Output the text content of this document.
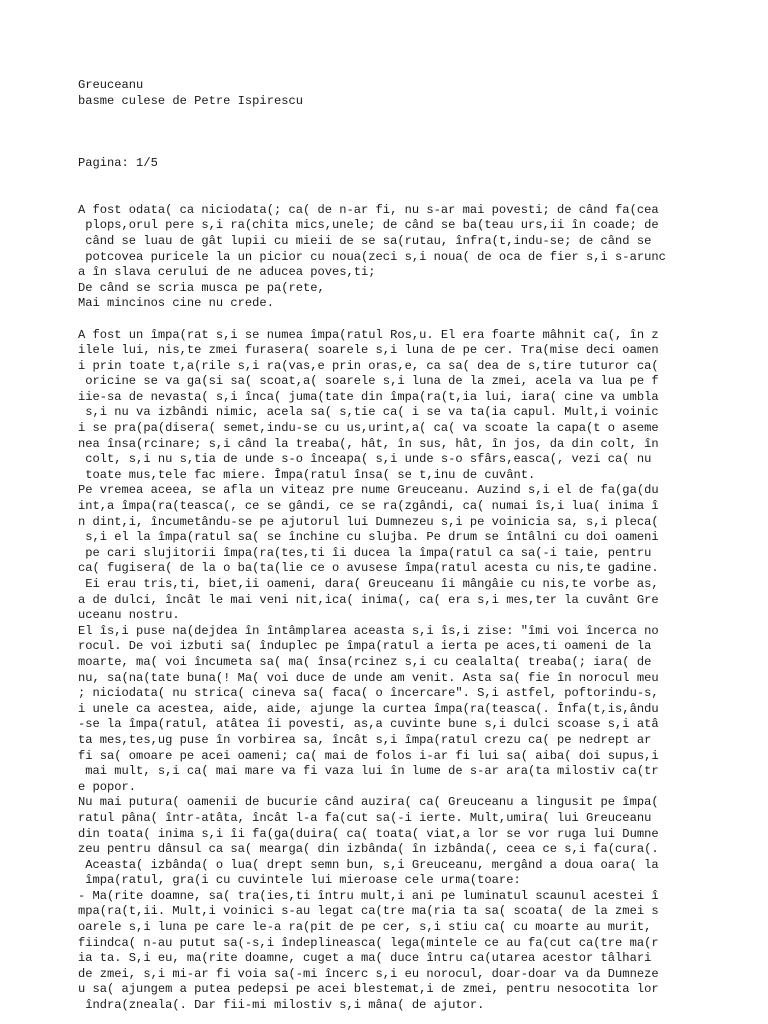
Greuceanu
basme culese de Petre Ispirescu
Pagina: 1/5
A fost odata( ca niciodata(; ca( de n-ar fi, nu s-ar mai povesti; de când fa(cea
plops,orul pere s,i ra(chita mics,unele; de când se ba(teau urs,ii în coade; de
când se luau de gât lupii cu mieii de se sa(rutau, înfra(t,indu-se; de când se
potcovea puricele la un picior cu noua(zeci s,i noua( de oca de fier s,i s-arunc
a în slava cerului de ne aducea poves,ti;
De când se scria musca pe pa(rete,
Mai mincinos cine nu crede.
A fost un împa(rat s,i se numea împa(ratul Ros,u. El era foarte mâhnit ca(, în z
ilele lui, nis,te zmei furasera( soarele s,i luna de pe cer. Tra(mise deci oamen
i prin toate t,a(rile s,i ra(vas,e prin oras,e, ca sa( dea de s,tire tuturor ca(
oricine se va ga(si sa( scoat,a( soarele s,i luna de la zmei, acela va lua pe f
iie-sa de nevasta( s,i înca( juma(tate din împa(ra(t,ia lui, iara( cine va umbla
s,i nu va izbândi nimic, acela sa( s,tie ca( i se va ta(ia capul. Mult,i voinic
i se pra(pa(disera( semet,indu-se cu us,urint,a( ca( va scoate la capa(t o aseme
nea însa(rcinare; s,i când la treaba(, hât, în sus, hât, în jos, da din colt, în
colt, s,i nu s,tia de unde s-o înceapa( s,i unde s-o sfârs,easca(, vezi ca( nu
toate mus,tele fac miere. Împa(ratul însa( se t,inu de cuvânt.
Pe vremea aceea, se afla un viteaz pre nume Greuceanu. Auzind s,i el de fa(ga(du
int,a împa(ra(teasca(, ce se gândi, ce se ra(zgândi, ca( numai îs,i lua( inima î
n dint,i, încumetându-se pe ajutorul lui Dumnezeu s,i pe voinicia sa, s,i pleca(
s,i el la împa(ratul sa( se închine cu slujba. Pe drum se întâlni cu doi oameni
pe cari slujitorii împa(ra(tes,ti îi ducea la împa(ratul ca sa(-i taie, pentru
ca( fugisera( de la o ba(ta(lie ce o avusese împa(ratul acesta cu nis,te gadine.
Ei erau tris,ti, biet,ii oameni, dara( Greuceanu îi mângâie cu nis,te vorbe as,
a de dulci, încât le mai veni nit,ica( inima(, ca( era s,i mes,ter la cuvânt Gre
uceanu nostru.
El îs,i puse na(dejdea în întâmplarea aceasta s,i îs,i zise: "îmi voi încerca no
rocul. De voi izbuti sa( înduplec pe împa(ratul a ierta pe aces,ti oameni de la
moarte, ma( voi încumeta sa( ma( însa(rcinez s,i cu cealalta( treaba(; iara( de
nu, sa(na(tate buna(! Ma( voi duce de unde am venit. Asta sa( fie în norocul meu
; niciodata( nu strica( cineva sa( faca( o încercare". S,i astfel, poftorindu-s,
i unele ca acestea, aide, aide, ajunge la curtea împa(ra(teasca(. Înfa(t,is,ându
-se la împa(ratul, atâtea îi povesti, as,a cuvinte bune s,i dulci scoase s,i atâ
ta mes,tes,ug puse în vorbirea sa, încât s,i împa(ratul crezu ca( pe nedrept ar
fi sa( omoare pe acei oameni; ca( mai de folos i-ar fi lui sa( aiba( doi supus,i
mai mult, s,i ca( mai mare va fi vaza lui în lume de s-ar ara(ta milostiv ca(tr
e popor.
Nu mai putura( oamenii de bucurie când auzira( ca( Greuceanu a lingusit pe împa(
ratul pâna( într-atâta, încât l-a fa(cut sa(-i ierte. Mult,umira( lui Greuceanu
din toata( inima s,i îi fa(ga(duira( ca( toata( viat,a lor se vor ruga lui Dumne
zeu pentru dânsul ca sa( mearga( din izbânda( în izbânda(, ceea ce s,i fa(cura(.
Aceasta( izbânda( o lua( drept semn bun, s,i Greuceanu, mergând a doua oara( la
împa(ratul, gra(i cu cuvintele lui mieroase cele urma(toare:
- Ma(rite doamne, sa( tra(ies,ti întru mult,i ani pe luminatul scaunul acestei î
mpa(ra(t,ii. Mult,i voinici s-au legat ca(tre ma(ria ta sa( scoata( de la zmei s
oarele s,i luna pe care le-a ra(pit de pe cer, s,i stiu ca( cu moarte au murit,
fiindca( n-au putut sa(-s,i îndeplineasca( lega(mintele ce au fa(cut ca(tre ma(r
ia ta. S,i eu, ma(rite doamne, cuget a ma( duce întru ca(utarea acestor tâlhari
de zmei, s,i mi-ar fi voia sa(-mi încerc s,i eu norocul, doar-doar va da Dumneze
u sa( ajungem a putea pedepsi pe acei blestemat,i de zmei, pentru nesocotita lor
îndra(zneala(. Dar fii-mi milostiv s,i mâna( de ajutor.
